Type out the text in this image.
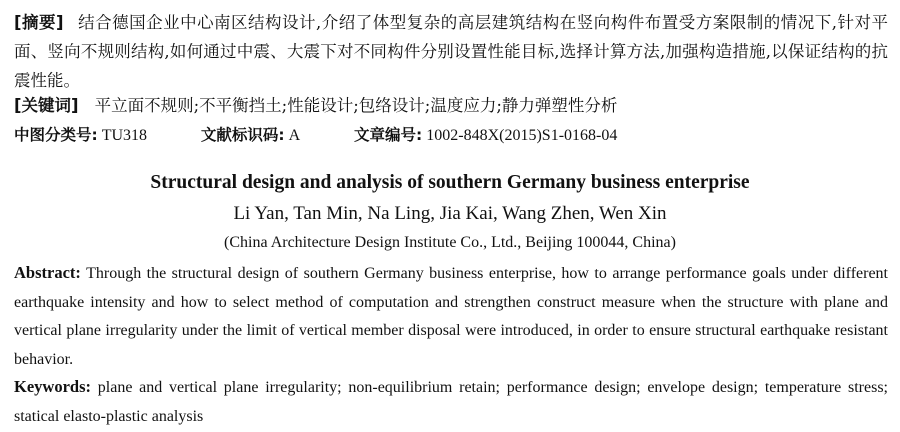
[摘要] 结合德国企业中心南区结构设计,介绍了体型复杂的高层建筑结构在竖向构件布置受方案限制的情况下,针对平面、竖向不规则结构,如何通过中震、大震下对不同构件分别设置性能目标,选择计算方法,加强构造措施,以保证结构的抗震性能。
[关键词] 平立面不规则;不平衡挡土;性能设计;包络设计;温度应力;静力弹塑性分析
中图分类号: TU318	文献标识码: A	文章编号: 1002-848X(2015)S1-0168-04
Structural design and analysis of southern Germany business enterprise
Li Yan, Tan Min, Na Ling, Jia Kai, Wang Zhen, Wen Xin
(China Architecture Design Institute Co., Ltd., Beijing 100044, China)
Abstract: Through the structural design of southern Germany business enterprise, how to arrange performance goals under different earthquake intensity and how to select method of computation and strengthen construct measure when the structure with plane and vertical plane irregularity under the limit of vertical member disposal were introduced, in order to ensure structural earthquake resistant behavior.
Keywords: plane and vertical plane irregularity; non-equilibrium retain; performance design; envelope design; temperature stress; statical elasto-plastic analysis
